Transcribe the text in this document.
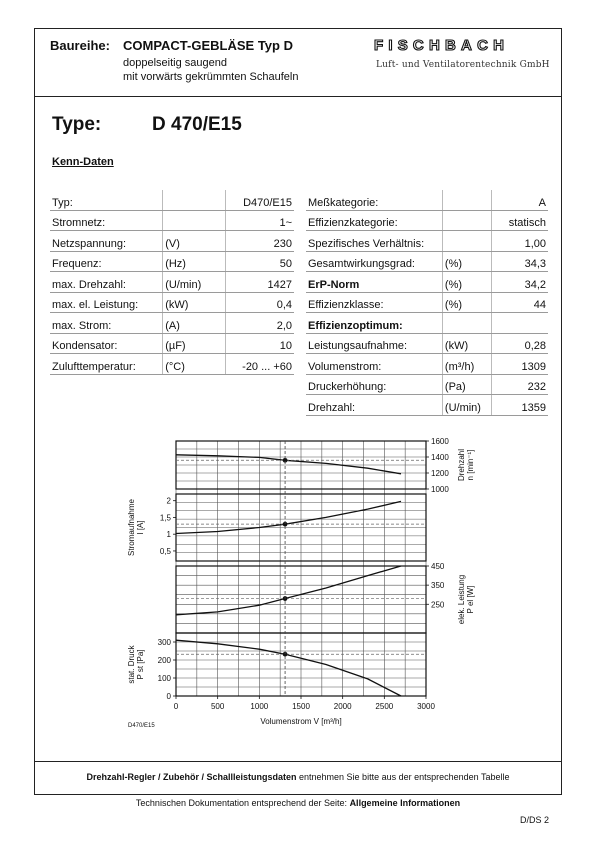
Baureihe: COMPACT-GEBLÄSE Typ D
doppelseitig saugend
mit vorwärts gekrümmten Schaufeln
FISCHBACH
Luft- und Ventilatorentechnik GmbH
Type:	D 470/E15
Kenn-Daten
Typ:		D470/E15
Stromnetz:		1~
Netzspannung:	(V)	230
Frequenz:	(Hz)	50
max. Drehzahl:	(U/min)	1427
max. el. Leistung:	(kW)	0,4
max. Strom:	(A)	2,0
Kondensator:	(µF)	10
Zulufttemperatur:	(°C)	-20 ... +60
Meßkategorie:		A
Effizienzkategorie:		statisch
Spezifisches Verhältnis:		1,00
Gesamtwirkungsgrad:	(%)	34,3
ErP-Norm	(%)	34,2
Effizienzklasse:	(%)	44
Effizienzoptimum:		
Leistungsaufnahme:	(kW)	0,28
Volumenstrom:	(m³/h)	1309
Druckerhöhung:	(Pa)	232
Drehzahl:	(U/min)	1359
1600
1400
1200
1000
Drehzahl n [min⁻¹]
2
1,5
1
0,5
Stromaufnahme I [A]
450
350
250 elek. Leistung P el [W]
300
200
100
0
stat. Druck P st [Pa]
0	500	1000	1500	2000	2500	3000
Volumenstrom V [m³/h]
D470/E15
Drehzahl-Regler / Zubehör / Schallleistungsdaten entnehmen Sie bitte aus der entsprechenden Tabelle
Technischen Dokumentation entsprechend der Seite: Allgemeine Informationen
D/DS 2
